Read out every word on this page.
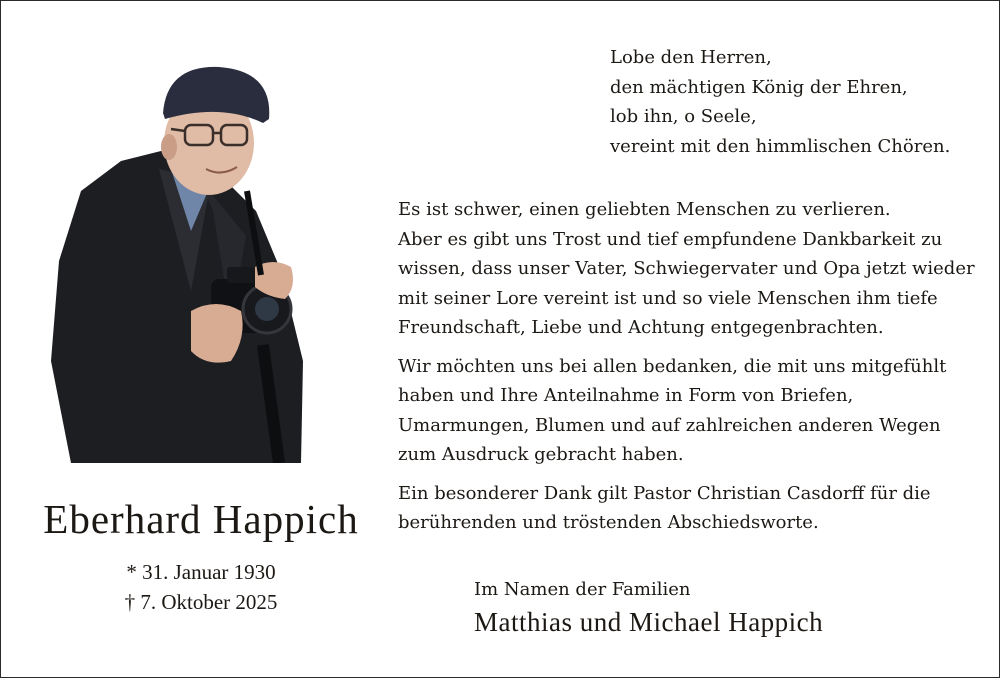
Eberhard Happich
* 31. Januar 1930
† 7. Oktober 2025
Lobe den Herren,
den mächtigen König der Ehren,
lob ihn, o Seele,
vereint mit den himmlischen Chören.
Es ist schwer, einen geliebten Menschen zu verlieren.
Aber es gibt uns Trost und tief empfundene Dankbarkeit zu
wissen, dass unser Vater, Schwiegervater und Opa jetzt wieder
mit seiner Lore vereint ist und so viele Menschen ihm tiefe
Freundschaft, Liebe und Achtung entgegenbrachten.
Wir möchten uns bei allen bedanken, die mit uns mitgefühlt
haben und Ihre Anteilnahme in Form von Briefen,
Umarmungen, Blumen und auf zahlreichen anderen Wegen
zum Ausdruck gebracht haben.
Ein besonderer Dank gilt Pastor Christian Casdorff für die
berührenden und tröstenden Abschiedsworte.
Im Namen der Familien
Matthias und Michael Happich
